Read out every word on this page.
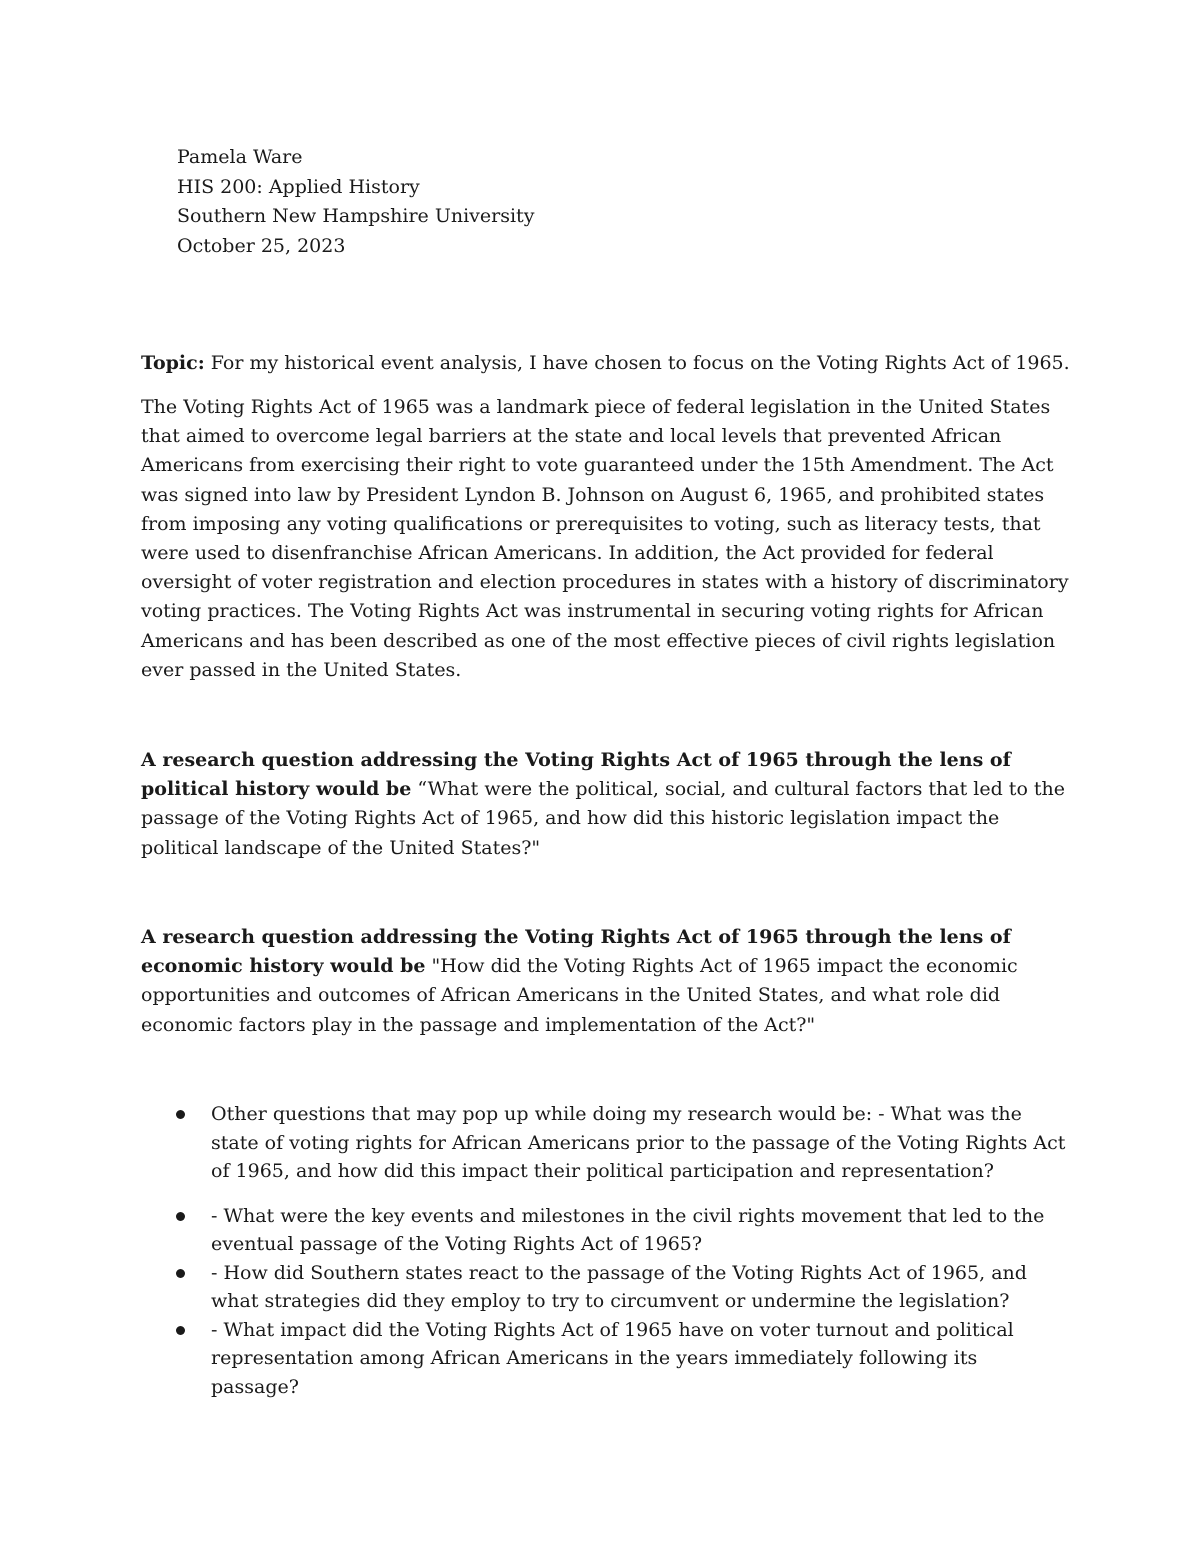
Pamela Ware
HIS 200: Applied History
Southern New Hampshire University
October 25, 2023
Topic: For my historical event analysis, I have chosen to focus on the Voting Rights Act of 1965.

The Voting Rights Act of 1965 was a landmark piece of federal legislation in the United States that aimed to overcome legal barriers at the state and local levels that prevented African Americans from exercising their right to vote guaranteed under the 15th Amendment. The Act was signed into law by President Lyndon B. Johnson on August 6, 1965, and prohibited states from imposing any voting qualifications or prerequisites to voting, such as literacy tests, that were used to disenfranchise African Americans. In addition, the Act provided for federal oversight of voter registration and election procedures in states with a history of discriminatory voting practices. The Voting Rights Act was instrumental in securing voting rights for African Americans and has been described as one of the most effective pieces of civil rights legislation ever passed in the United States.

A research question addressing the Voting Rights Act of 1965 through the lens of political history would be “What were the political, social, and cultural factors that led to the passage of the Voting Rights Act of 1965, and how did this historic legislation impact the political landscape of the United States?"

A research question addressing the Voting Rights Act of 1965 through the lens of economic history would be "How did the Voting Rights Act of 1965 impact the economic opportunities and outcomes of African Americans in the United States, and what role did economic factors play in the passage and implementation of the Act?"

Other questions that may pop up while doing my research would be: - What was the state of voting rights for African Americans prior to the passage of the Voting Rights Act of 1965, and how did this impact their political participation and representation?
- What were the key events and milestones in the civil rights movement that led to the eventual passage of the Voting Rights Act of 1965?
- How did Southern states react to the passage of the Voting Rights Act of 1965, and what strategies did they employ to try to circumvent or undermine the legislation?
- What impact did the Voting Rights Act of 1965 have on voter turnout and political representation among African Americans in the years immediately following its passage?
